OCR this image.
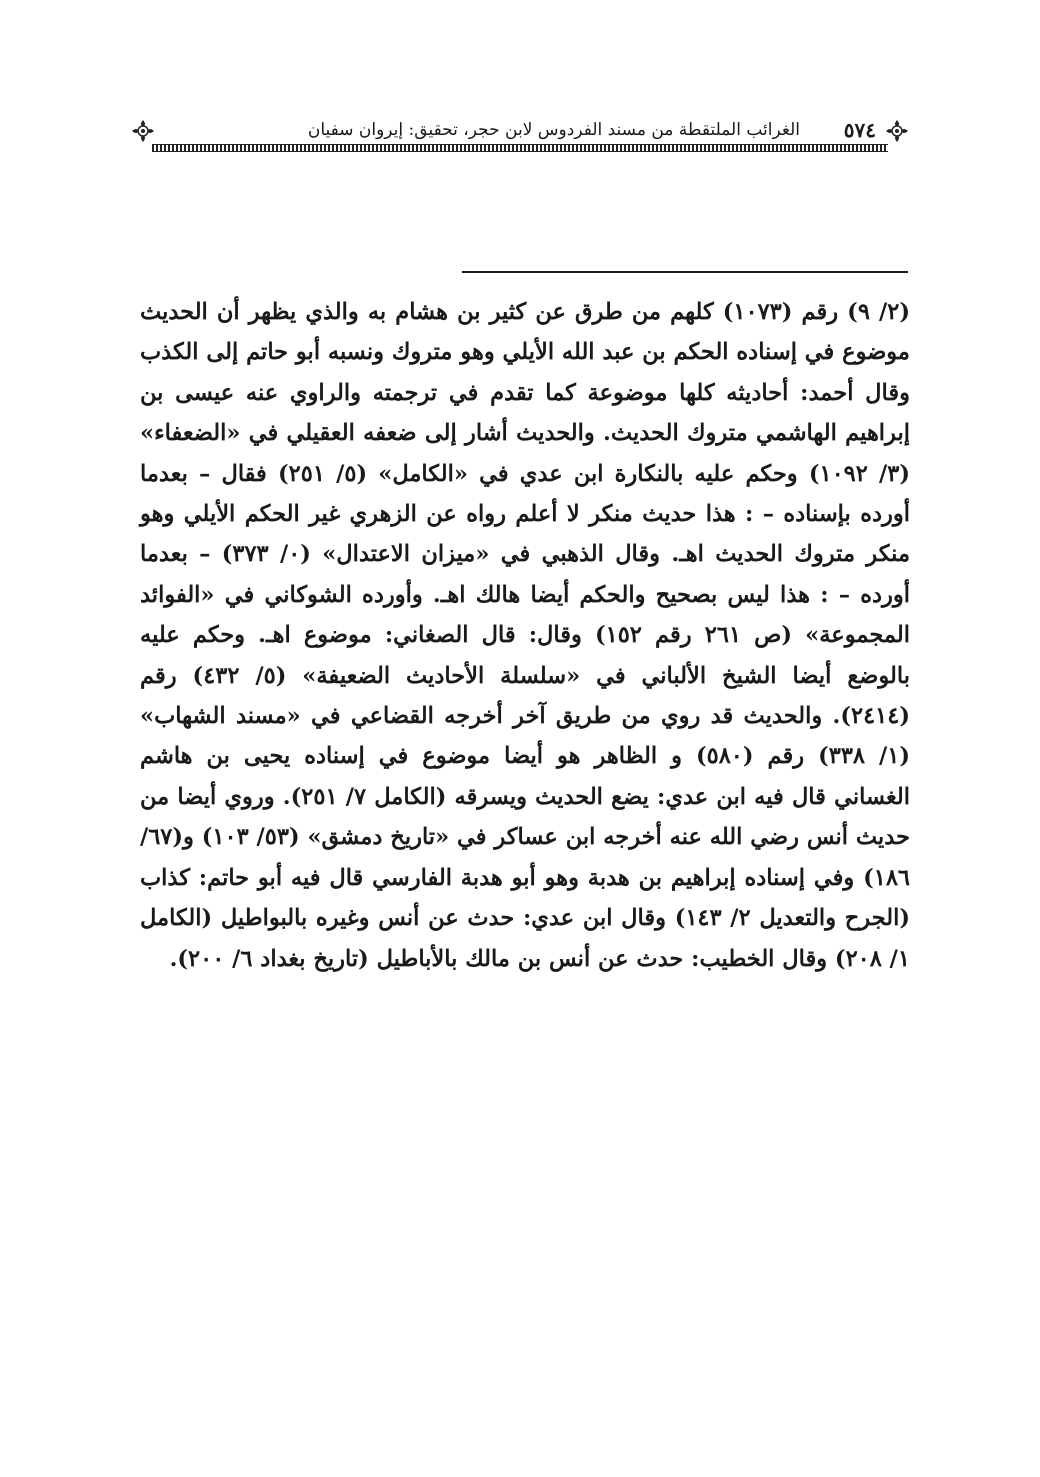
الغرائب الملتقطة من مسند الفردوس لابن حجر، تحقيق: إيروان سفيان ٥٧٤

(٢/ ٩) رقم (١٠٧٣) كلهم من طرق عن كثير بن هشام به والذي يظهر أن الحديث موضوع في إسناده الحكم بن عبد الله الأيلي وهو متروك ونسبه أبو حاتم إلى الكذب وقال أحمد: أحاديثه كلها موضوعة كما تقدم في ترجمته والراوي عنه عيسى بن إبراهيم الهاشمي متروك الحديث. والحديث أشار إلى ضعفه العقيلي في «الضعفاء» (٣/ ١٠٩٢) وحكم عليه بالنكارة ابن عدي في «الكامل» (٥/ ٢٥١) فقال – بعدما أورده بإسناده – : هذا حديث منكر لا أعلم رواه عن الزهري غير الحكم الأيلي وهو منكر متروك الحديث اهـ. وقال الذهبي في «ميزان الاعتدال» (٠/ ٣٧٣) – بعدما أورده – : هذا ليس بصحيح والحكم أيضا هالك اهـ. وأورده الشوكاني في «الفوائد المجموعة» (ص ٢٦١ رقم ١٥٢) وقال: قال الصغاني: موضوع اهـ. وحكم عليه بالوضع أيضا الشيخ الألباني في «سلسلة الأحاديث الضعيفة» (٥/ ٤٣٢) رقم (٢٤١٤). والحديث قد روي من طريق آخر أخرجه القضاعي في «مسند الشهاب» (١/ ٣٣٨) رقم (٥٨٠) و الظاهر هو أيضا موضوع في إسناده يحيى بن هاشم الغساني قال فيه ابن عدي: يضع الحديث ويسرقه (الكامل ٧/ ٢٥١). وروي أيضا من حديث أنس رضي الله عنه أخرجه ابن عساكر في «تاريخ دمشق» (٥٣/ ١٠٣) و(٦٧/ ١٨٦) وفي إسناده إبراهيم بن هدبة وهو أبو هدبة الفارسي قال فيه أبو حاتم: كذاب (الجرح والتعديل ٢/ ١٤٣) وقال ابن عدي: حدث عن أنس وغيره بالبواطيل (الكامل ١/ ٢٠٨) وقال الخطيب: حدث عن أنس بن مالك بالأباطيل (تاريخ بغداد ٦/ ٢٠٠).
